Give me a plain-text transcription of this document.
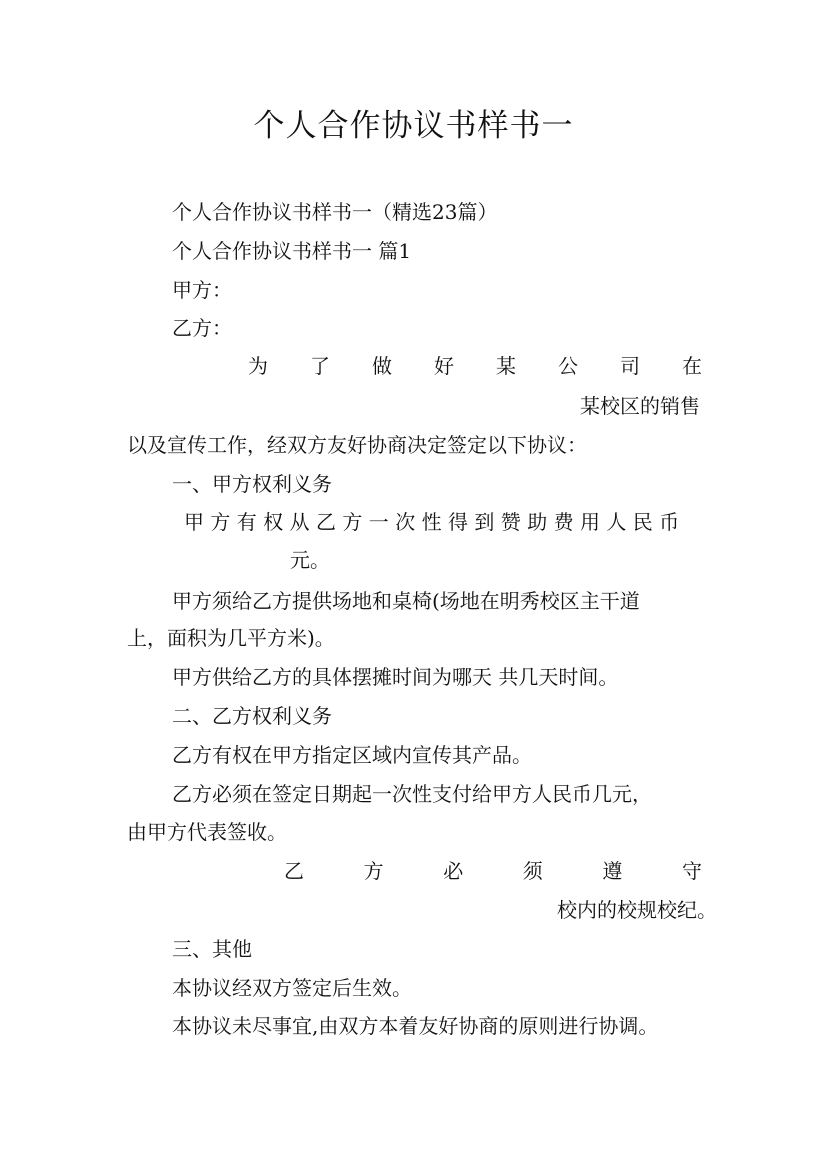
个人合作协议书样书一

个人合作协议书样书一（精选23篇）

个人合作协议书样书一 篇1

甲方：

乙方：

为 了 做 好 某 公 司 在

某校区的销售

以及宣传工作，经双方友好协商决定签定以下协议：

一、甲方权利义务

甲方有权从乙方一次性得到赞助费用人民币

元。

甲方须给乙方提供场地和桌椅(场地在明秀校区主干道

上，面积为几平方米)。

甲方供给乙方的具体摆摊时间为哪天 共几天时间。

二、乙方权利义务

乙方有权在甲方指定区域内宣传其产品。

乙方必须在签定日期起一次性支付给甲方人民币几元，

由甲方代表签收。

乙	方	必	须	遵	守

校内的校规校纪。

三、其他

本协议经双方签定后生效。

本协议未尽事宜,由双方本着友好协商的原则进行协调。
